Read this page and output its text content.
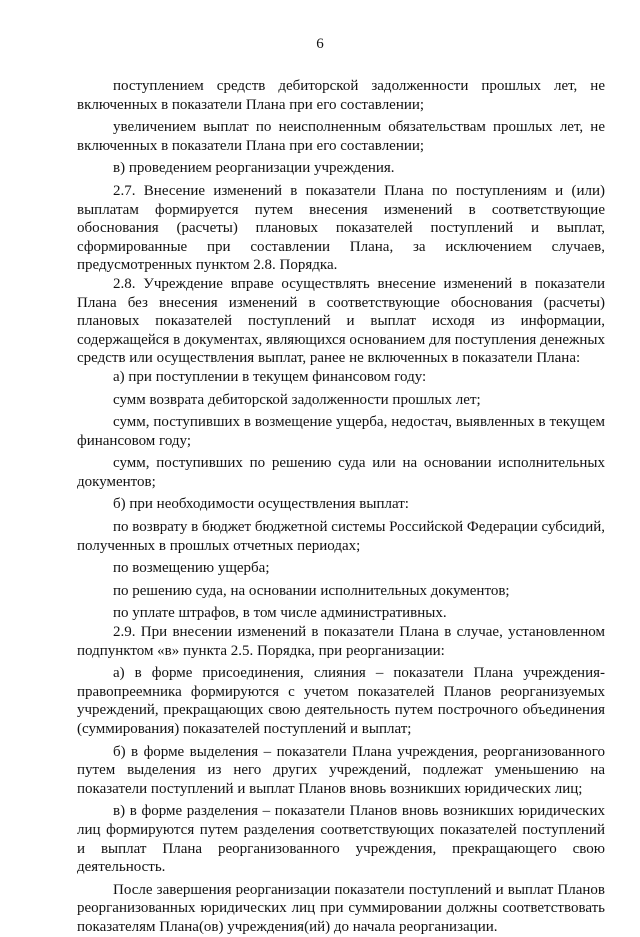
6

поступлением средств дебиторской задолженности прошлых лет, не включенных в показатели Плана при его составлении;

увеличением выплат по неисполненным обязательствам прошлых лет, не включенных в показатели Плана при его составлении;

в) проведением реорганизации учреждения.

2.7. Внесение изменений в показатели Плана по поступлениям и (или) выплатам формируется путем внесения изменений в соответствующие обоснования (расчеты) плановых показателей поступлений и выплат, сформированные при составлении Плана, за исключением случаев, предусмотренных пунктом 2.8. Порядка.

2.8. Учреждение вправе осуществлять внесение изменений в показатели Плана без внесения изменений в соответствующие обоснования (расчеты) плановых показателей поступлений и выплат исходя из информации, содержащейся в документах, являющихся основанием для поступления денежных средств или осуществления выплат, ранее не включенных в показатели Плана:

а) при поступлении в текущем финансовом году:

сумм возврата дебиторской задолженности прошлых лет;

сумм, поступивших в возмещение ущерба, недостач, выявленных в текущем финансовом году;

сумм, поступивших по решению суда или на основании исполнительных документов;

б) при необходимости осуществления выплат:

по возврату в бюджет бюджетной системы Российской Федерации субсидий, полученных в прошлых отчетных периодах;

по возмещению ущерба;

по решению суда, на основании исполнительных документов;

по уплате штрафов, в том числе административных.

2.9. При внесении изменений в показатели Плана в случае, установленном подпунктом «в» пункта 2.5. Порядка, при реорганизации:

а) в форме присоединения, слияния – показатели Плана учреждения-правопреемника формируются с учетом показателей Планов реорганизуемых учреждений, прекращающих свою деятельность путем построчного объединения (суммирования) показателей поступлений и выплат;

б) в форме выделения – показатели Плана учреждения, реорганизованного путем выделения из него других учреждений, подлежат уменьшению на показатели поступлений и выплат Планов вновь возникших юридических лиц;

в) в форме разделения – показатели Планов вновь возникших юридических лиц формируются путем разделения соответствующих показателей поступлений и выплат Плана реорганизованного учреждения, прекращающего свою деятельность.

После завершения реорганизации показатели поступлений и выплат Планов реорганизованных юридических лиц при суммировании должны соответствовать показателям Плана(ов) учреждения(ий) до начала реорганизации.
